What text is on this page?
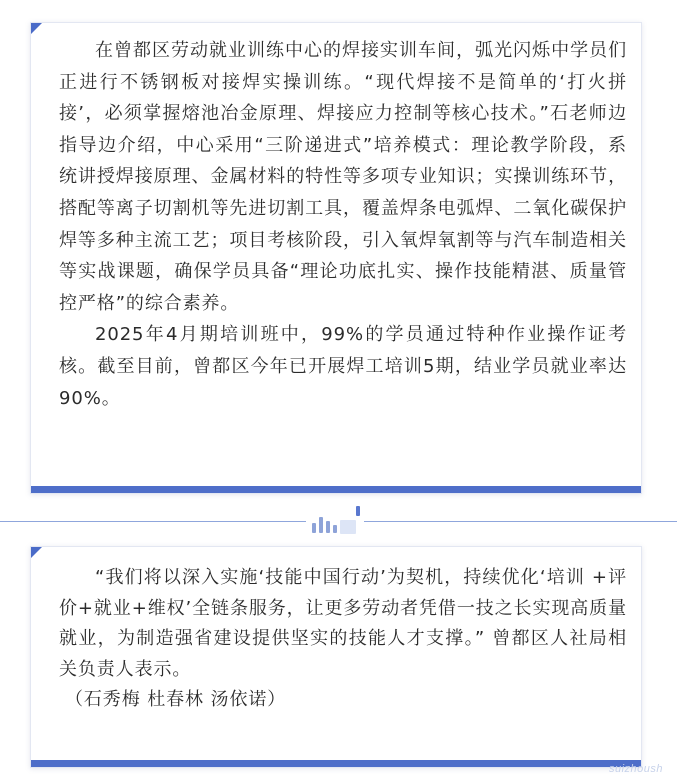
在曾都区劳动就业训练中心的焊接实训车间，弧光闪烁中学员们正进行不锈钢板对接焊实操训练。“现代焊接不是简单的‘打火拼接’，必须掌握熔池冶金原理、焊接应力控制等核心技术。”石老师边指导边介绍，中心采用“三阶递进式”培养模式：理论教学阶段，系统讲授焊接原理、金属材料的特性等多项专业知识；实操训练环节，搭配等离子切割机等先进切割工具，覆盖焊条电弧焊、二氧化碳保护焊等多种主流工艺；项目考核阶段，引入氧焊氧割等与汽车制造相关等实战课题，确保学员具备“理论功底扎实、操作技能精湛、质量管控严格”的综合素养。

2025年4月期培训班中，99%的学员通过特种作业操作证考核。截至目前，曾都区今年已开展焊工培训5期，结业学员就业率达90%。

“我们将以深入实施‘技能中国行动’为契机，持续优化‘培训 +评价+就业+维权’全链条服务，让更多劳动者凭借一技之长实现高质量就业，为制造强省建设提供坚实的技能人才支撑。” 曾都区人社局相关负责人表示。

（石秀梅 杜春林 汤依诺）

suizhoush
